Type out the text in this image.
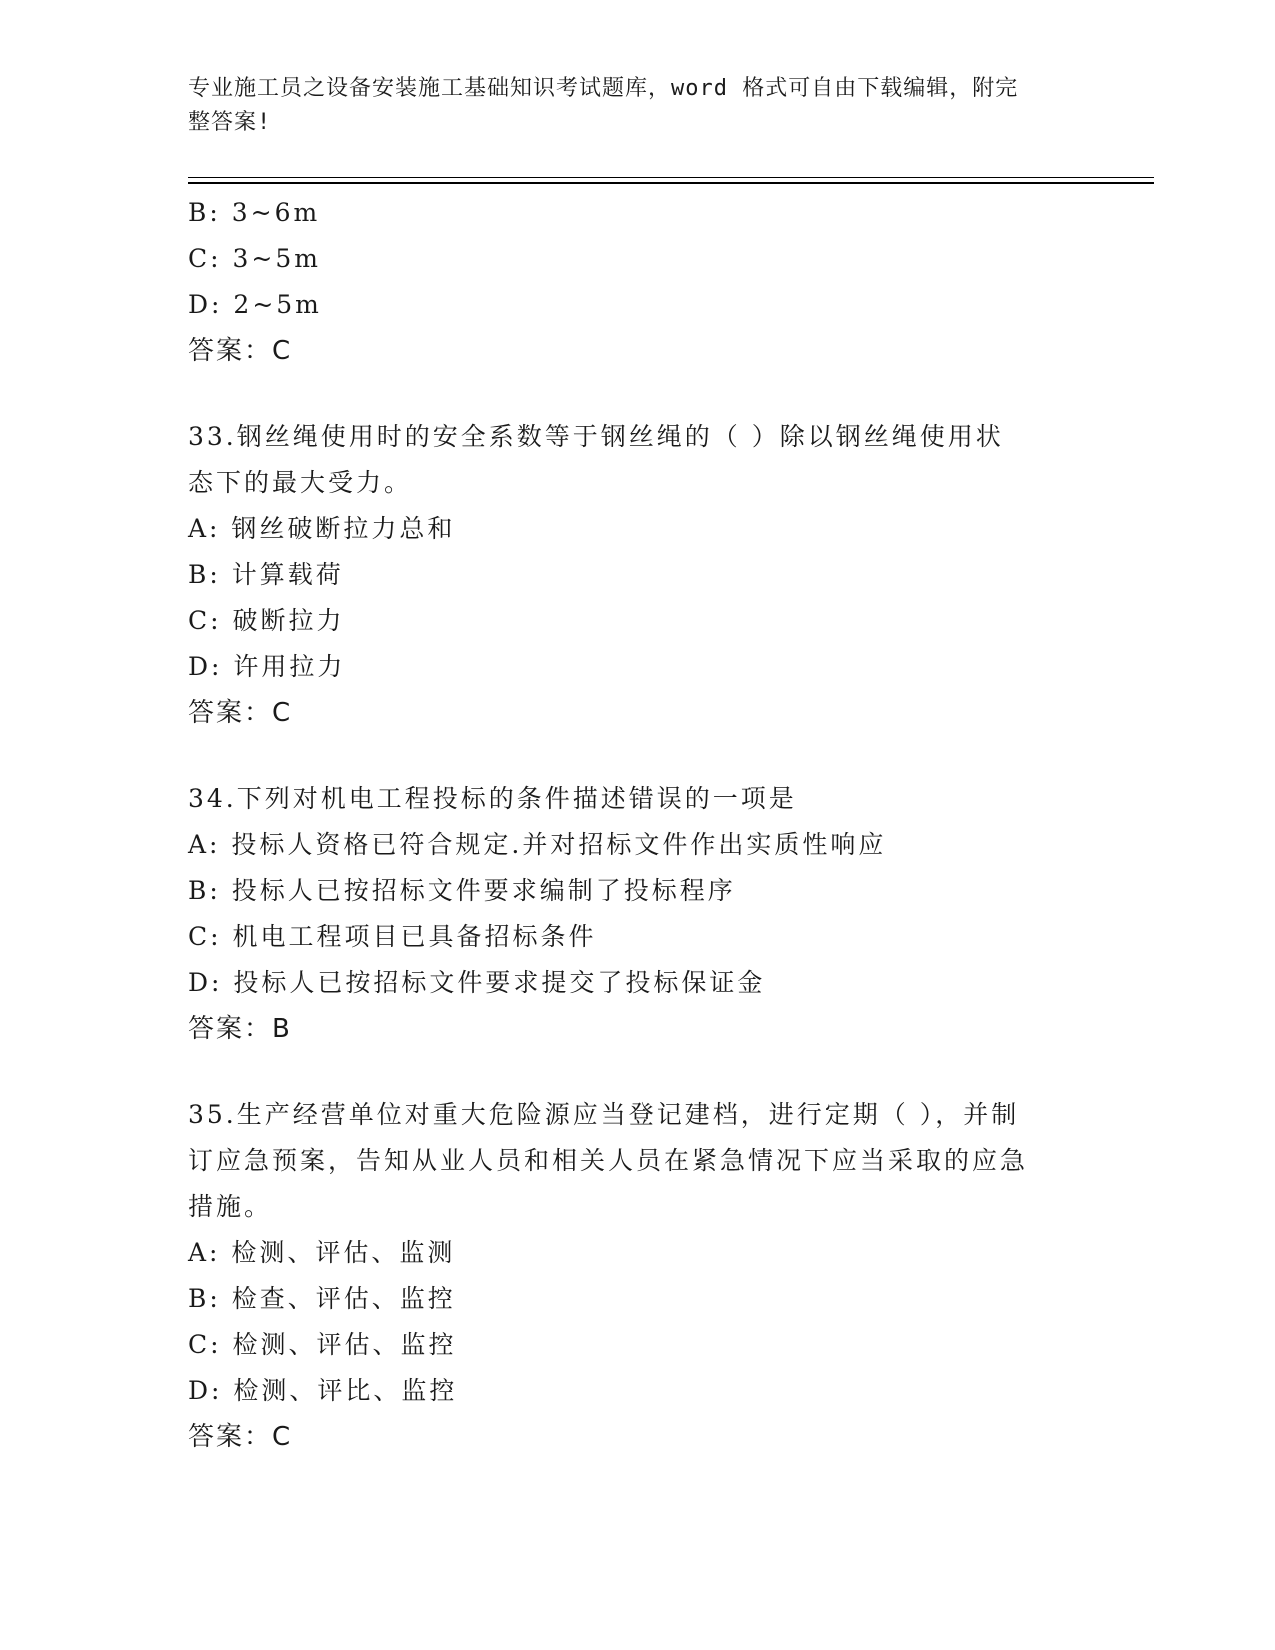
专业施工员之设备安装施工基础知识考试题库，word 格式可自由下载编辑，附完
整答案!
B: 3~6m
C: 3~5m
D: 2~5m
答案：C
33.钢丝绳使用时的安全系数等于钢丝绳的（ ）除以钢丝绳使用状态下的最大受力。
A: 钢丝破断拉力总和
B: 计算载荷
C: 破断拉力
D: 许用拉力
答案：C
34.下列对机电工程投标的条件描述错误的一项是
A: 投标人资格已符合规定.并对招标文件作出实质性响应
B: 投标人已按招标文件要求编制了投标程序
C: 机电工程项目已具备招标条件
D: 投标人已按招标文件要求提交了投标保证金
答案：B
35.生产经营单位对重大危险源应当登记建档，进行定期（ ），并制订应急预案，告知从业人员和相关人员在紧急情况下应当采取的应急措施。
A: 检测、评估、监测
B: 检查、评估、监控
C: 检测、评估、监控
D: 检测、评比、监控
答案：C
